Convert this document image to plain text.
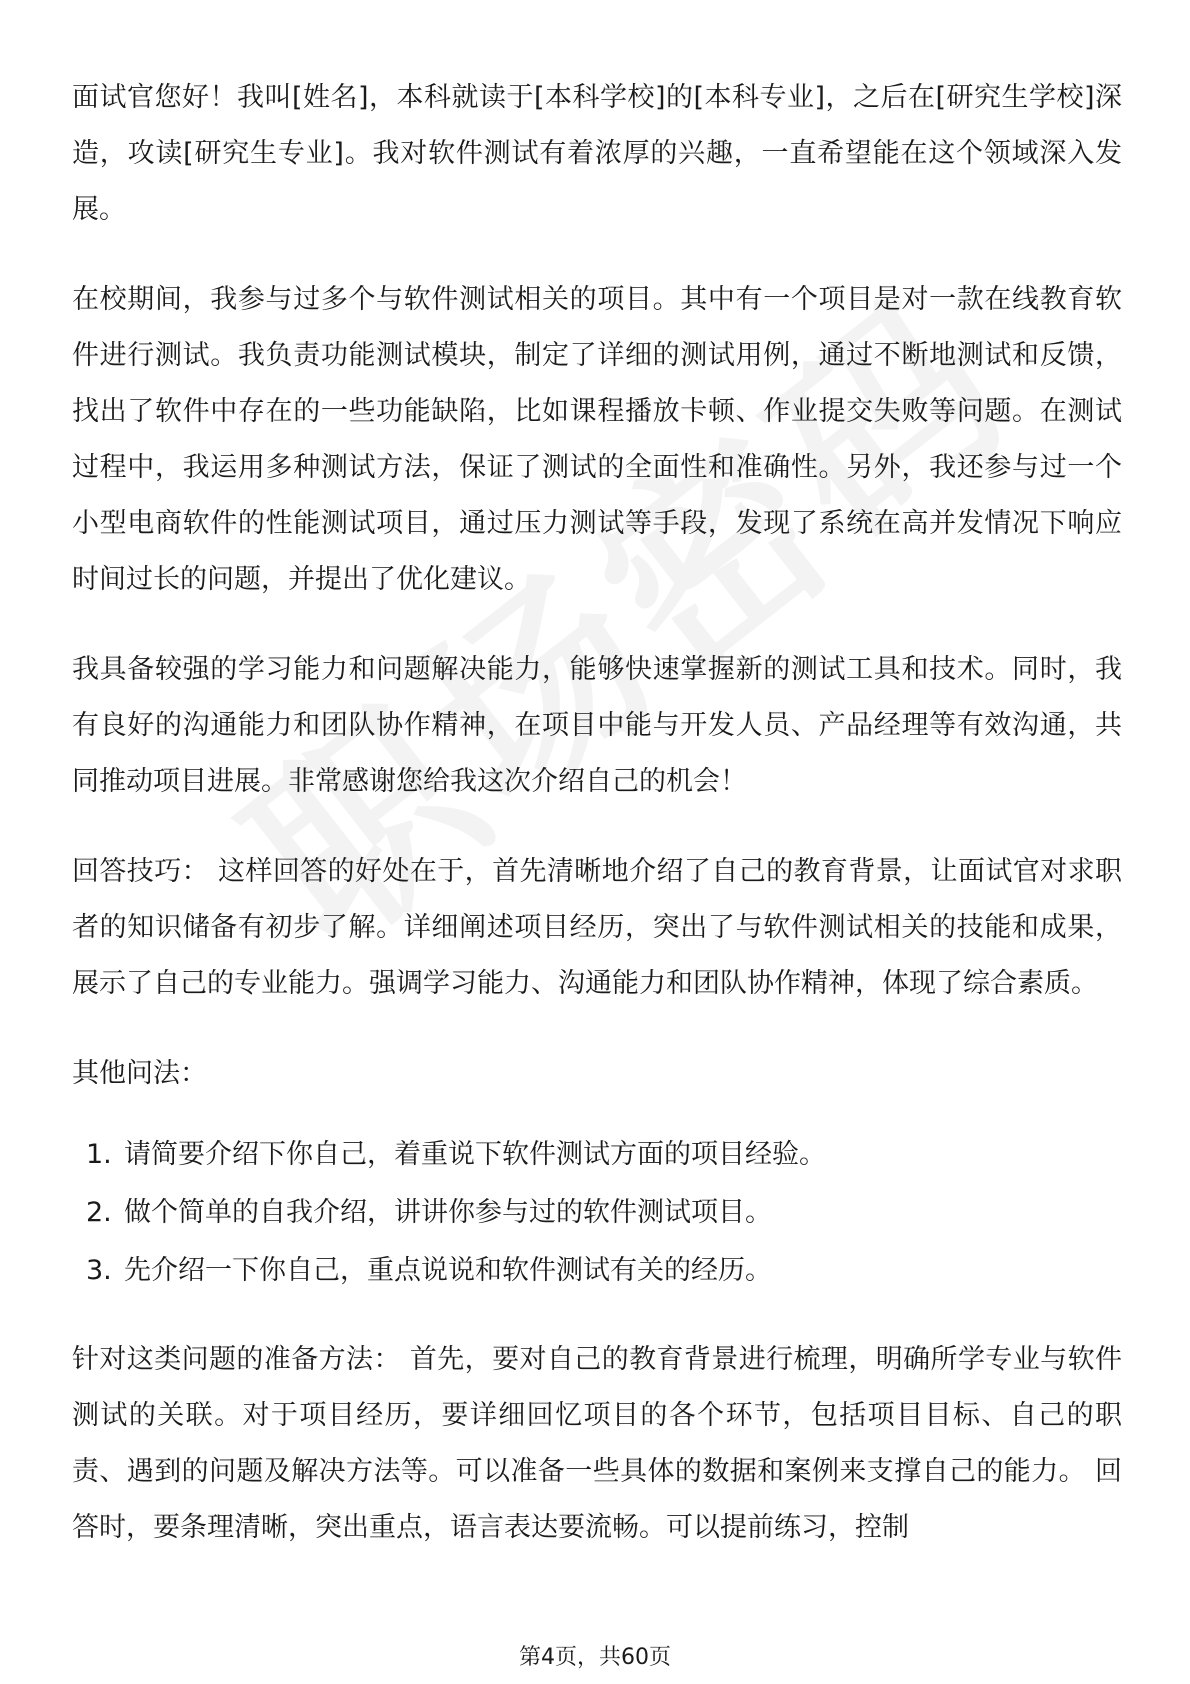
面试官您好！我叫[姓名]，本科就读于[本科学校]的[本科专业]，之后在[研究生学校]深造，攻读[研究生专业]。我对软件测试有着浓厚的兴趣，一直希望能在这个领域深入发展。

在校期间，我参与过多个与软件测试相关的项目。其中有一个项目是对一款在线教育软件进行测试。我负责功能测试模块，制定了详细的测试用例，通过不断地测试和反馈，找出了软件中存在的一些功能缺陷，比如课程播放卡顿、作业提交失败等问题。在测试过程中，我运用多种测试方法，保证了测试的全面性和准确性。另外，我还参与过一个小型电商软件的性能测试项目，通过压力测试等手段，发现了系统在高并发情况下响应时间过长的问题，并提出了优化建议。

我具备较强的学习能力和问题解决能力，能够快速掌握新的测试工具和技术。同时，我有良好的沟通能力和团队协作精神，在项目中能与开发人员、产品经理等有效沟通，共同推动项目进展。非常感谢您给我这次介绍自己的机会！

回答技巧： 这样回答的好处在于，首先清晰地介绍了自己的教育背景，让面试官对求职者的知识储备有初步了解。详细阐述项目经历，突出了与软件测试相关的技能和成果，展示了自己的专业能力。强调学习能力、沟通能力和团队协作精神，体现了综合素质。

其他问法：

1. 请简要介绍下你自己，着重说下软件测试方面的项目经验。
2. 做个简单的自我介绍，讲讲你参与过的软件测试项目。
3. 先介绍一下你自己，重点说说和软件测试有关的经历。

针对这类问题的准备方法： 首先，要对自己的教育背景进行梳理，明确所学专业与软件测试的关联。对于项目经历，要详细回忆项目的各个环节，包括项目目标、自己的职责、遇到的问题及解决方法等。可以准备一些具体的数据和案例来支撑自己的能力。 回答时，要条理清晰，突出重点，语言表达要流畅。可以提前练习，控制

第4页，共60页
